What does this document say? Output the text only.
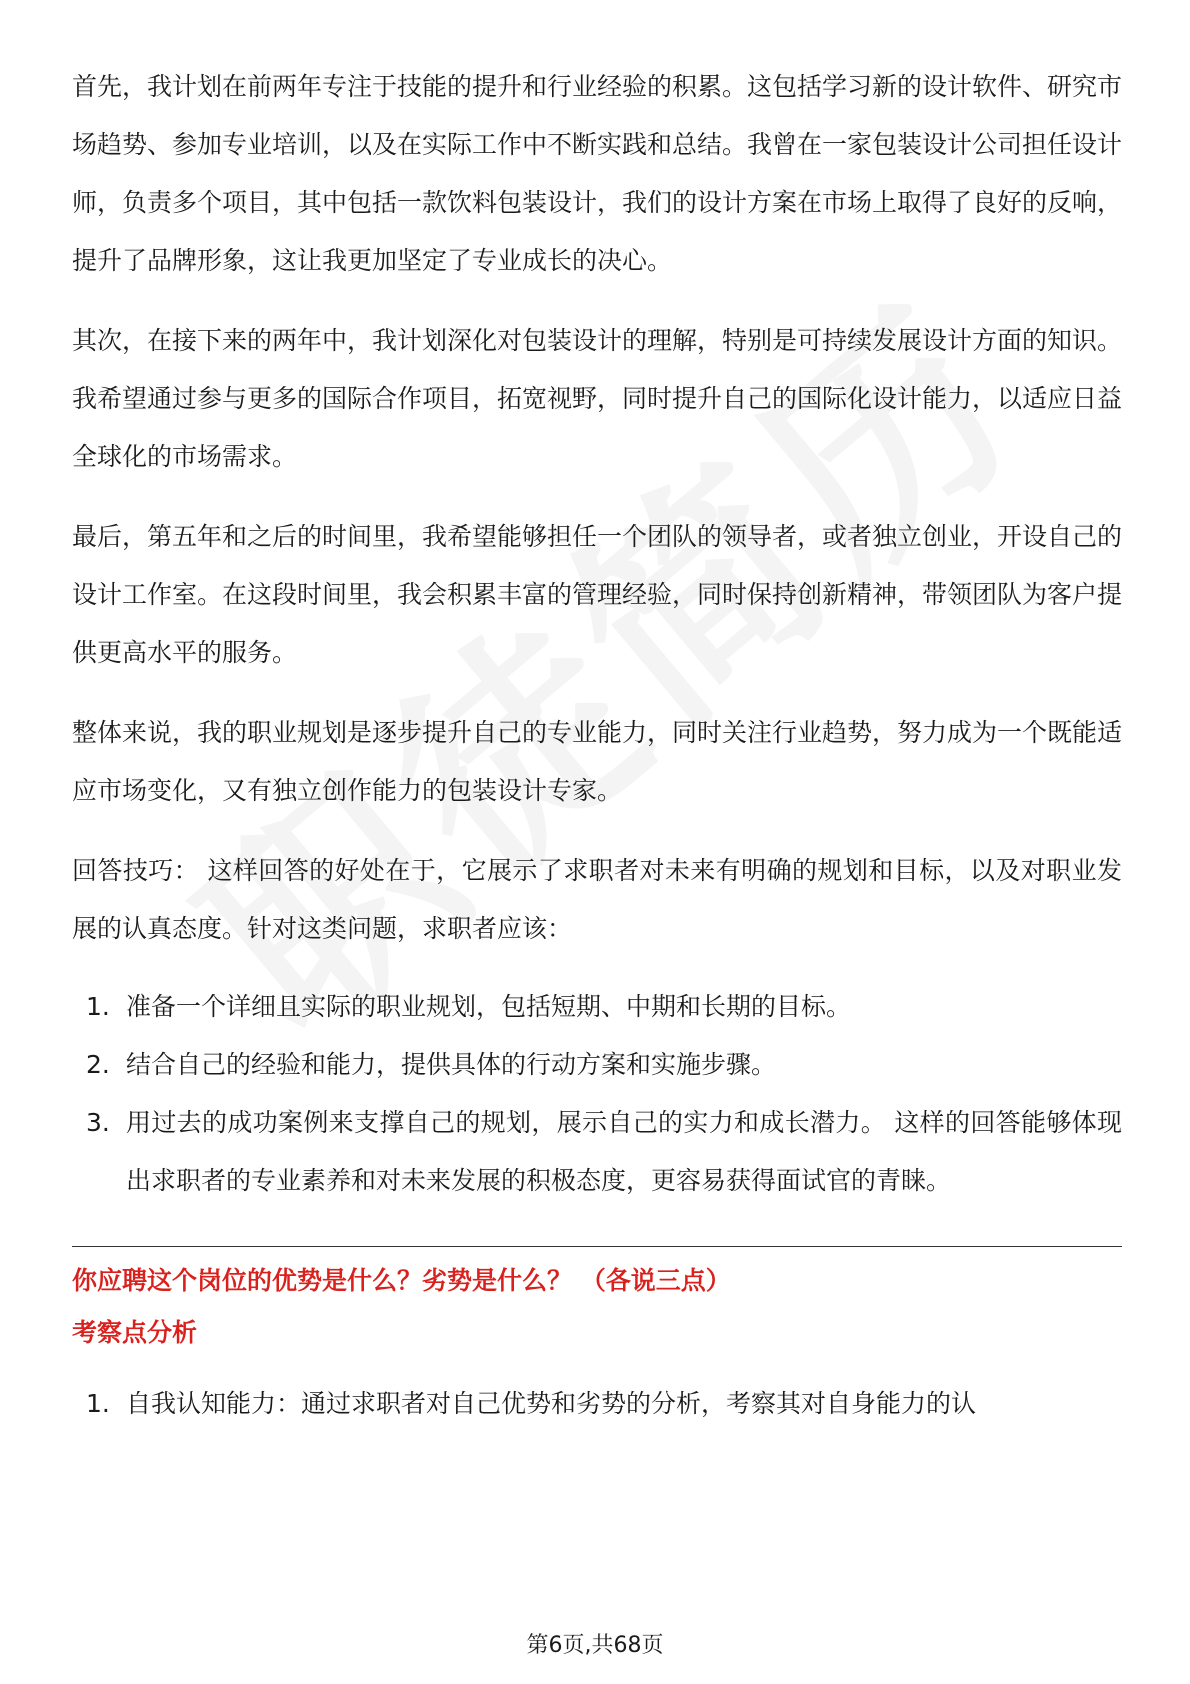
首先，我计划在前两年专注于技能的提升和行业经验的积累。这包括学习新的设计软件、研究市场趋势、参加专业培训，以及在实际工作中不断实践和总结。我曾在一家包装设计公司担任设计师，负责多个项目，其中包括一款饮料包装设计，我们的设计方案在市场上取得了良好的反响，提升了品牌形象，这让我更加坚定了专业成长的决心。

其次，在接下来的两年中，我计划深化对包装设计的理解，特别是可持续发展设计方面的知识。我希望通过参与更多的国际合作项目，拓宽视野，同时提升自己的国际化设计能力，以适应日益全球化的市场需求。

最后，第五年和之后的时间里，我希望能够担任一个团队的领导者，或者独立创业，开设自己的设计工作室。在这段时间里，我会积累丰富的管理经验，同时保持创新精神，带领团队为客户提供更高水平的服务。

整体来说，我的职业规划是逐步提升自己的专业能力，同时关注行业趋势，努力成为一个既能适应市场变化，又有独立创作能力的包装设计专家。

回答技巧： 这样回答的好处在于，它展示了求职者对未来有明确的规划和目标，以及对职业发展的认真态度。针对这类问题，求职者应该：

1. 准备一个详细且实际的职业规划，包括短期、中期和长期的目标。
2. 结合自己的经验和能力，提供具体的行动方案和实施步骤。
3. 用过去的成功案例来支撑自己的规划，展示自己的实力和成长潜力。 这样的回答能够体现出求职者的专业素养和对未来发展的积极态度，更容易获得面试官的青睐。
你应聘这个岗位的优势是什么？劣势是什么？ （各说三点）
考察点分析
1. 自我认知能力：通过求职者对自己优势和劣势的分析，考察其对自身能力的认
第6页,共68页
